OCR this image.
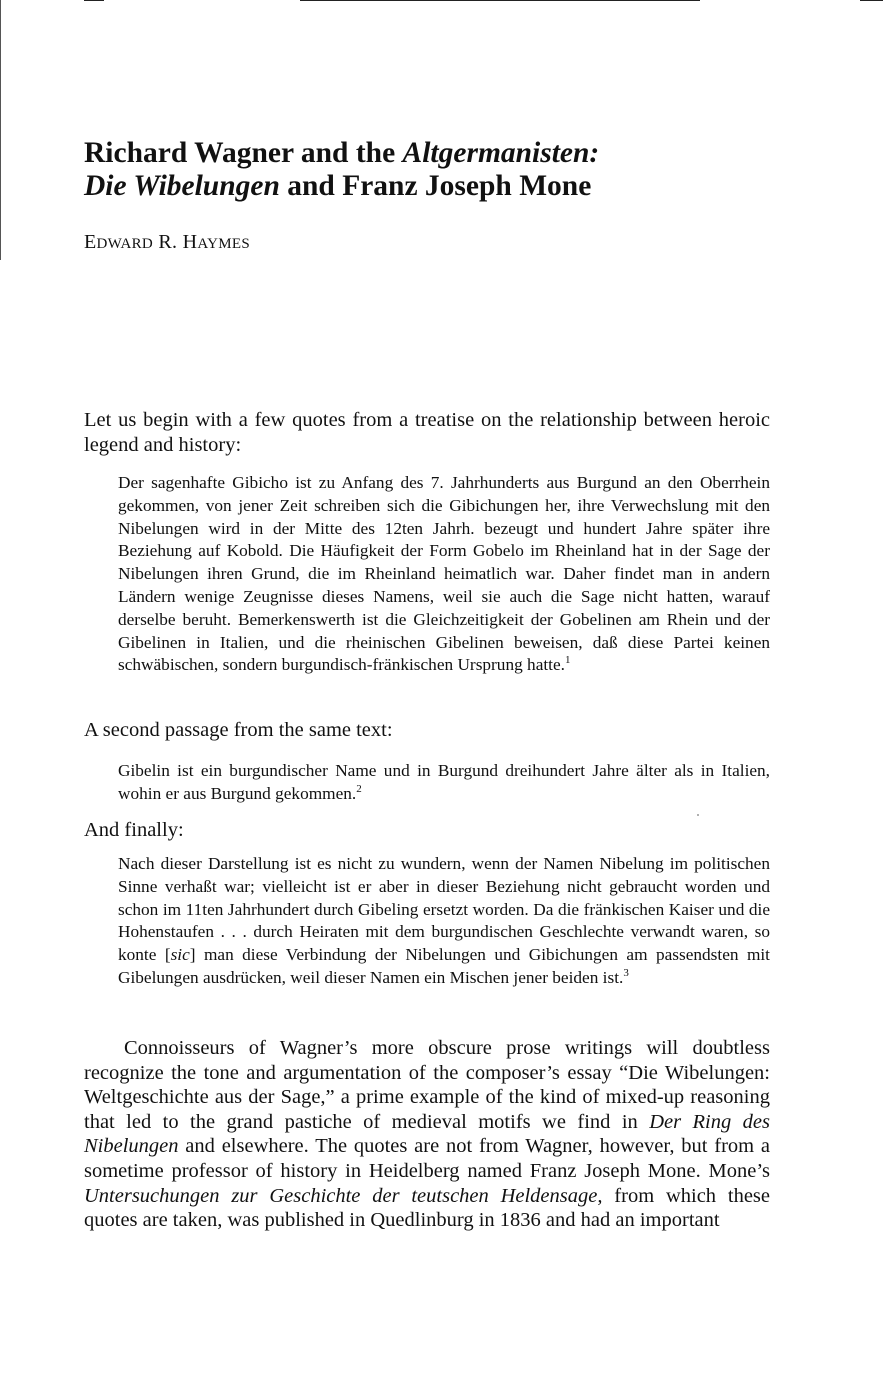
Richard Wagner and the Altgermanisten:
Die Wibelungen and Franz Joseph Mone
EDWARD R. HAYMES

Let us begin with a few quotes from a treatise on the relationship between heroic legend and history:

Der sagenhafte Gibicho ist zu Anfang des 7. Jahrhunderts aus Burgund an den Oberrhein gekommen, von jener Zeit schreiben sich die Gibichungen her, ihre Verwechslung mit den Nibelungen wird in der Mitte des 12ten Jahrh. bezeugt und hundert Jahre später ihre Beziehung auf Kobold. Die Häufigkeit der Form Gobelo im Rheinland hat in der Sage der Nibelungen ihren Grund, die im Rheinland heimatlich war. Daher findet man in andern Ländern wenige Zeugnisse dieses Namens, weil sie auch die Sage nicht hatten, warauf derselbe beruht. Bemerkenswerth ist die Gleichzeitigkeit der Gobelinen am Rhein und der Gibelinen in Italien, und die rheinischen Gibelinen beweisen, daß diese Partei keinen schwäbischen, sondern burgundisch-fränkischen Ursprung hatte.$^1$

A second passage from the same text:

Gibelin ist ein burgundischer Name und in Burgund dreihundert Jahre älter als in Italien, wohin er aus Burgund gekommen.$^2$

And finally:

Nach dieser Darstellung ist es nicht zu wundern, wenn der Namen Nibelung im politischen Sinne verhaßt war; vielleicht ist er aber in dieser Beziehung nicht gebraucht worden und schon im 11ten Jahrhundert durch Gibeling ersetzt worden. Da die fränkischen Kaiser und die Hohenstaufen . . . durch Heiraten mit dem burgundischen Geschlechte verwandt waren, so konte [sic] man diese Verbindung der Nibelungen und Gibichungen am passendsten mit Gibelungen ausdrücken, weil dieser Namen ein Mischen jener beiden ist.$^3$

Connoisseurs of Wagner’s more obscure prose writings will doubtless recognize the tone and argumentation of the composer’s essay “Die Wibelungen: Weltgeschichte aus der Sage,” a prime example of the kind of mixed-up reasoning that led to the grand pastiche of medieval motifs we find in Der Ring des Nibelungen and elsewhere. The quotes are not from Wagner, however, but from a sometime professor of history in Heidelberg named Franz Joseph Mone. Mone’s Untersuchungen zur Geschichte der teutschen Heldensage, from which these quotes are taken, was published in Quedlinburg in 1836 and had an important
